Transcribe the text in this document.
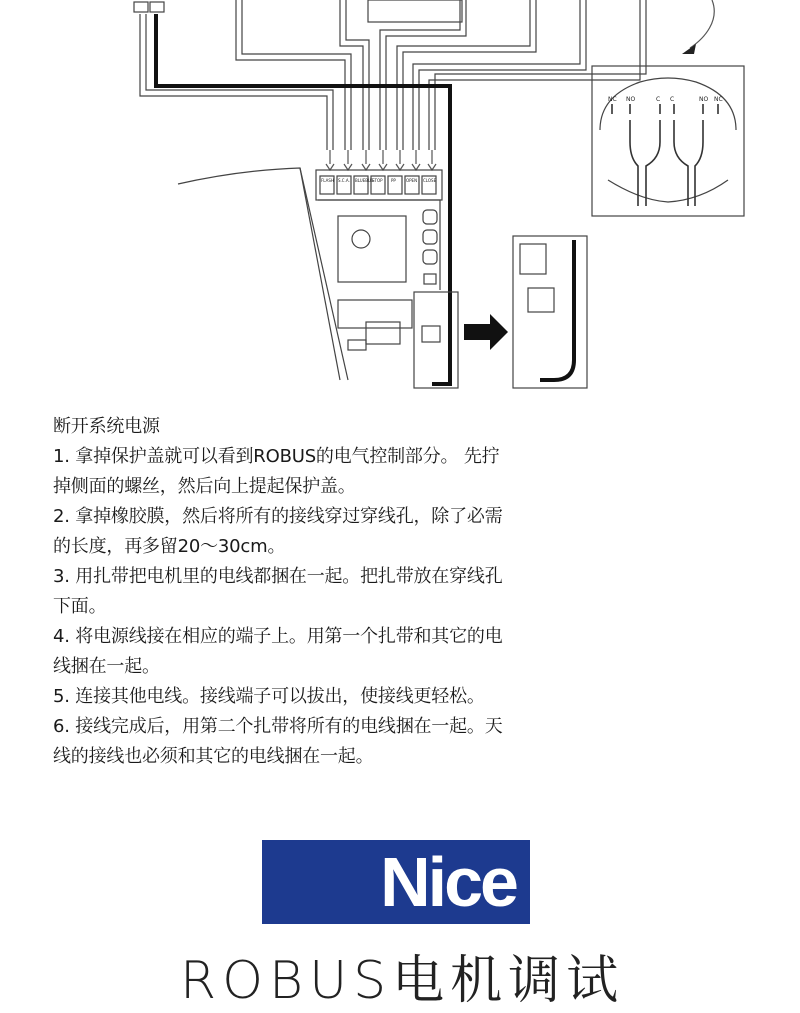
FLASH S.C.A. BLUEBUS
STOP PP	OPEN CLOSE
NC NO	C C	NO NC

断开系统电源

1. 拿掉保护盖就可以看到ROBUS的电气控制部分。 先拧
掉侧面的螺丝，然后向上提起保护盖。

2. 拿掉橡胶膜，然后将所有的接线穿过穿线孔，除了必需
的长度，再多留20～30cm。

3. 用扎带把电机里的电线都捆在一起。把扎带放在穿线孔
下面。

4. 将电源线接在相应的端子上。用第一个扎带和其它的电
线捆在一起。

5. 连接其他电线。接线端子可以拔出，使接线更轻松。

6. 接线完成后，用第二个扎带将所有的电线捆在一起。天
线的接线也必须和其它的电线捆在一起。

Nice
ROBUS电机调试
